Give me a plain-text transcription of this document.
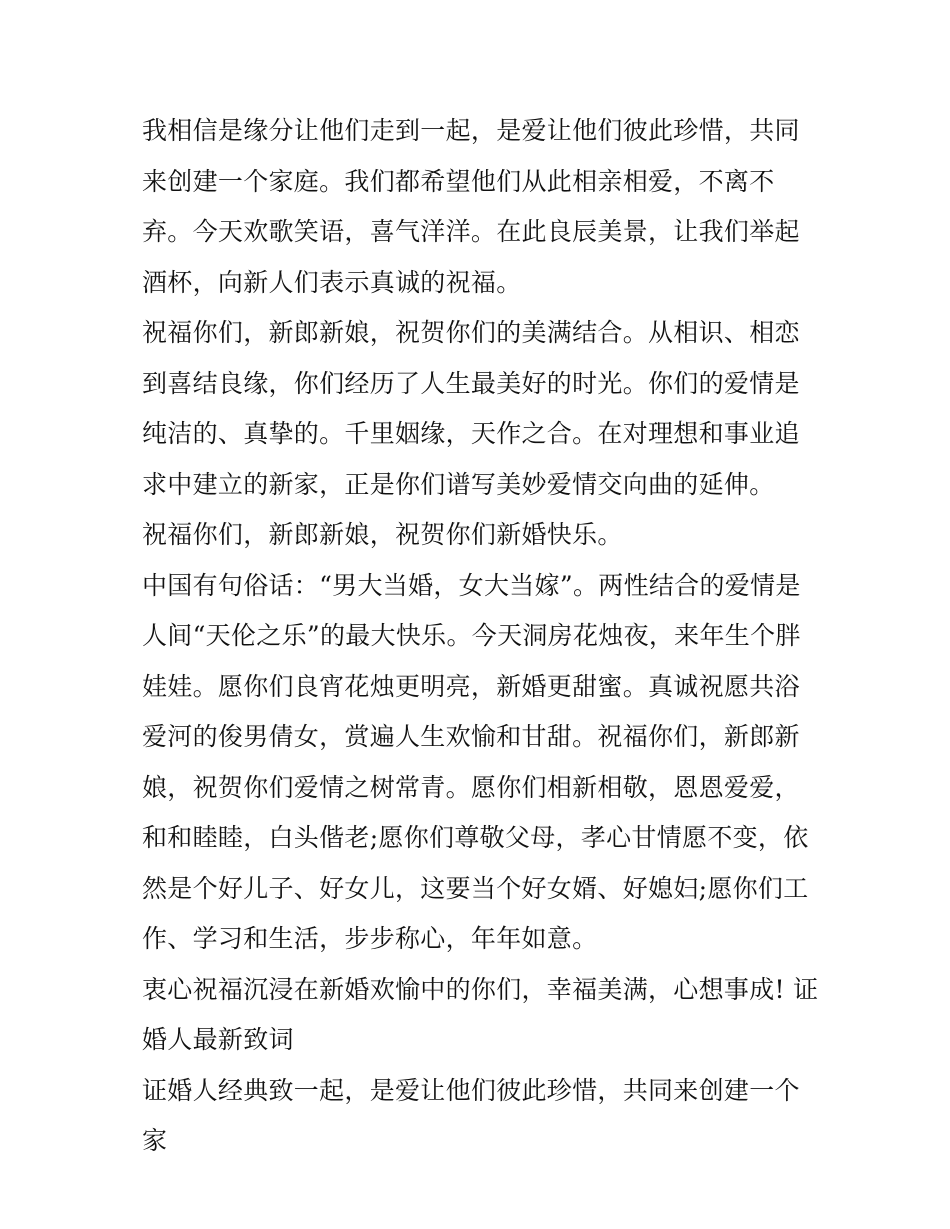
我相信是缘分让他们走到一起，是爱让他们彼此珍惜，共同来创建一个家庭。我们都希望他们从此相亲相爱，不离不弃。今天欢歌笑语，喜气洋洋。在此良辰美景，让我们举起酒杯，向新人们表示真诚的祝福。

祝福你们，新郎新娘，祝贺你们的美满结合。从相识、相恋到喜结良缘，你们经历了人生最美好的时光。你们的爱情是纯洁的、真挚的。千里姻缘，天作之合。在对理想和事业追求中建立的新家，正是你们谱写美妙爱情交向曲的延伸。

祝福你们，新郎新娘，祝贺你们新婚快乐。

中国有句俗话：“男大当婚，女大当嫁”。两性结合的爱情是人间“天伦之乐”的最大快乐。今天洞房花烛夜，来年生个胖娃娃。愿你们良宵花烛更明亮，新婚更甜蜜。真诚祝愿共浴爱河的俊男倩女，赏遍人生欢愉和甘甜。祝福你们，新郎新娘，祝贺你们爱情之树常青。愿你们相新相敬，恩恩爱爱，和和睦睦，白头偕老;愿你们尊敬父母，孝心甘情愿不变，依然是个好儿子、好女儿，这要当个好女婿、好媳妇;愿你们工作、学习和生活，步步称心，年年如意。

衷心祝福沉浸在新婚欢愉中的你们，幸福美满，心想事成! 证婚人最新致词

证婚人经典致一起，是爱让他们彼此珍惜，共同来创建一个家
